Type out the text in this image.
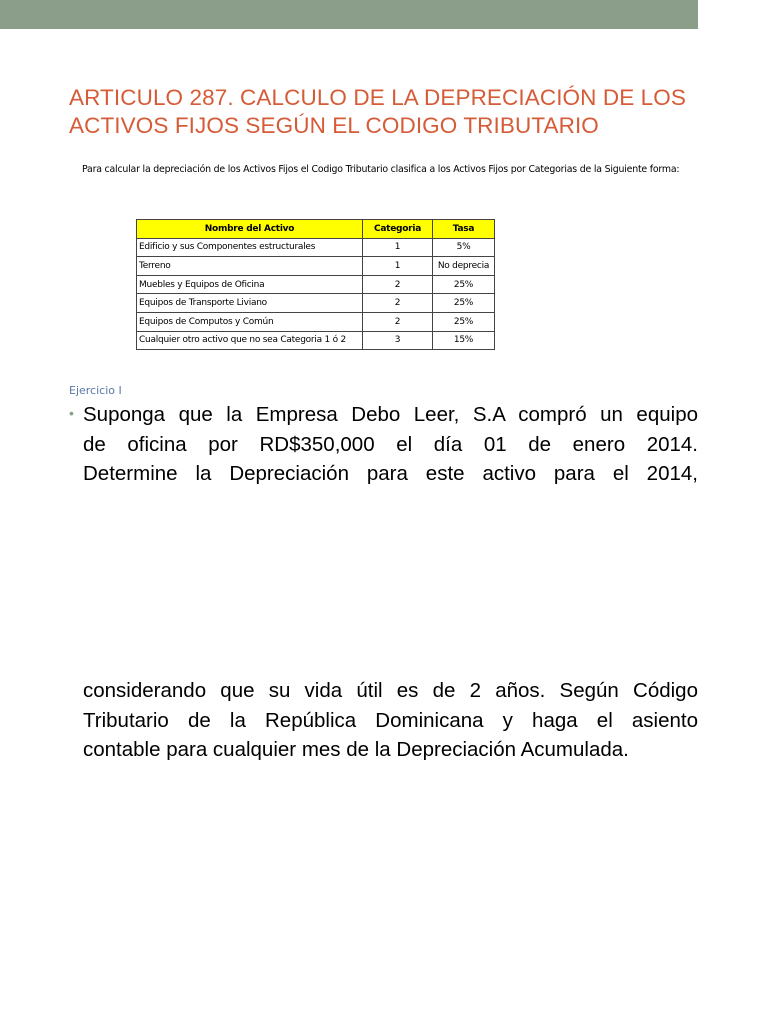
ARTICULO 287. CALCULO DE LA DEPRECIACIÓN DE LOS ACTIVOS FIJOS SEGÚN EL CODIGO TRIBUTARIO
Para calcular la depreciación de los Activos Fijos el Codigo Tributario clasifica a los Activos Fijos por Categorias de la Siguiente forma:
Nombre del Activo	Categoria	Tasa
Edificio y sus Componentes estructurales	1	5%
Terreno	1	No deprecia
Muebles y Equipos de Oficina	2	25%
Equipos de Transporte Liviano	2	25%
Equipos de Computos y Común	2	25%
Cualquier otro activo que no sea Categoria 1 ó 2	3	15%
Ejercicio I
• Suponga que la Empresa Debo Leer, S.A compró un equipo
de oficina por RD$350,000 el día 01 de enero 2014.
Determine la Depreciación para este activo para el 2014,
considerando que su vida útil es de 2 años. Según Código
Tributario de la República Dominicana y haga el asiento
contable para cualquier mes de la Depreciación Acumulada.
